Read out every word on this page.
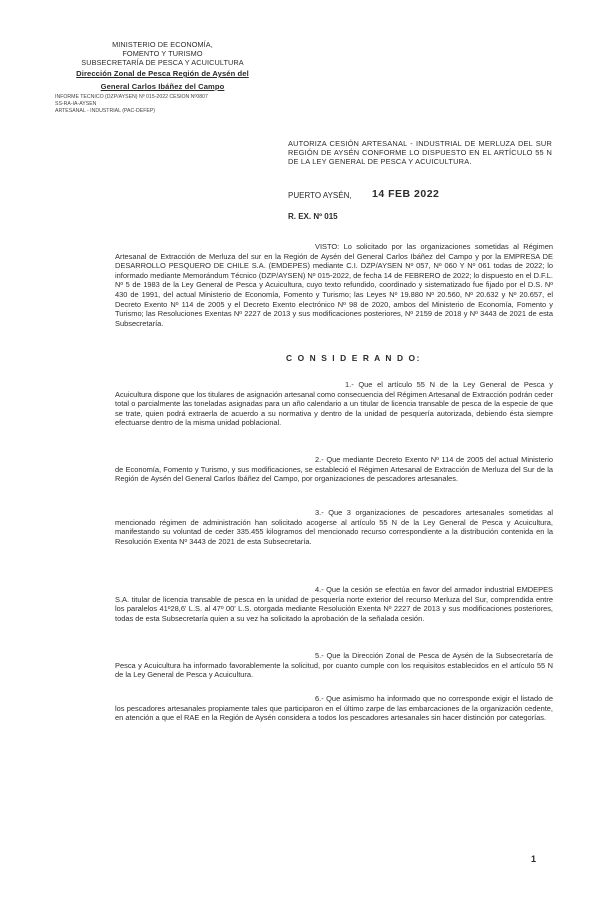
MINISTERIO DE ECONOMÍA,
FOMENTO Y TURISMO
SUBSECRETARÍA DE PESCA Y ACUICULTURA
Dirección Zonal de Pesca Región de Aysén del
General Carlos Ibáñez del Campo
INFORME TECNICO (DZP/AYSEN) Nº 015-2022 CESION Nº0807
SS-RA-IA-AYSEN
ARTESANAL - INDUSTRIAL (PAC-DEFEP)
AUTORIZA CESIÓN ARTESANAL - INDUSTRIAL DE MERLUZA DEL SUR REGIÓN DE AYSÉN CONFORME LO DISPUESTO EN EL ARTÍCULO 55 N DE LA LEY GENERAL DE PESCA Y ACUICULTURA.
PUERTO AYSÉN, 14 FEB 2022
R. EX. Nº 015
VISTO: Lo solicitado por las organizaciones sometidas al Régimen Artesanal de Extracción de Merluza del sur en la Región de Aysén del General Carlos Ibáñez del Campo y por la EMPRESA DE DESARROLLO PESQUERO DE CHILE S.A. (EMDEPES) mediante C.I. DZP/AYSEN Nº 057, Nº 060 Y Nº 061 todas de 2022; lo informado mediante Memorándum Técnico (DZP/AYSEN) Nº 015-2022, de fecha 14 de FEBRERO de 2022; lo dispuesto en el D.F.L. Nº 5 de 1983 de la Ley General de Pesca y Acuicultura, cuyo texto refundido, coordinado y sistematizado fue fijado por el D.S. Nº 430 de 1991, del actual Ministerio de Economía, Fomento y Turismo; las Leyes Nº 19.880 Nº 20.560, Nº 20.632 y Nº 20.657, el Decreto Exento Nº 114 de 2005 y el Decreto Exento electrónico Nº 98 de 2020, ambos del Ministerio de Economía, Fomento y Turismo; las Resoluciones Exentas Nº 2227 de 2013 y sus modificaciones posteriores, Nº 2159 de 2018 y Nº 3443 de 2021 de esta Subsecretaría.
C O N S I D E R A N D O:
1.- Que el artículo 55 N de la Ley General de Pesca y Acuicultura dispone que los titulares de asignación artesanal como consecuencia del Régimen Artesanal de Extracción podrán ceder total o parcialmente las toneladas asignadas para un año calendario a un titular de licencia transable de pesca de la especie de que se trate, quien podrá extraerla de acuerdo a su normativa y dentro de la unidad de pesquería autorizada, debiendo ésta siempre efectuarse dentro de la misma unidad poblacional.
2.- Que mediante Decreto Exento Nº 114 de 2005 del actual Ministerio de Economía, Fomento y Turismo, y sus modificaciones, se estableció el Régimen Artesanal de Extracción de Merluza del Sur de la Región de Aysén del General Carlos Ibáñez del Campo, por organizaciones de pescadores artesanales.
3.- Que 3 organizaciones de pescadores artesanales sometidas al mencionado régimen de administración han solicitado acogerse al artículo 55 N de la Ley General de Pesca y Acuicultura, manifestando su voluntad de ceder 335.455 kilogramos del mencionado recurso correspondiente a la distribución contenida en la Resolución Exenta Nº 3443 de 2021 de esta Subsecretaría.
4.- Que la cesión se efectúa en favor del armador industrial EMDEPES S.A. titular de licencia transable de pesca en la unidad de pesquería norte exterior del recurso Merluza del Sur, comprendida entre los paralelos 41º28,6' L.S. al 47º 00' L.S. otorgada mediante Resolución Exenta Nº 2227 de 2013 y sus modificaciones posteriores, todas de esta Subsecretaría quien a su vez ha solicitado la aprobación de la señalada cesión.
5.- Que la Dirección Zonal de Pesca de Aysén de la Subsecretaría de Pesca y Acuicultura ha informado favorablemente la solicitud, por cuanto cumple con los requisitos establecidos en el artículo 55 N de la Ley General de Pesca y Acuicultura.
6.- Que asimismo ha informado que no corresponde exigir el listado de los pescadores artesanales propiamente tales que participaron en el último zarpe de las embarcaciones de la organización cedente, en atención a que el RAE en la Región de Aysén considera a todos los pescadores artesanales sin hacer distinción por categorías.
1
